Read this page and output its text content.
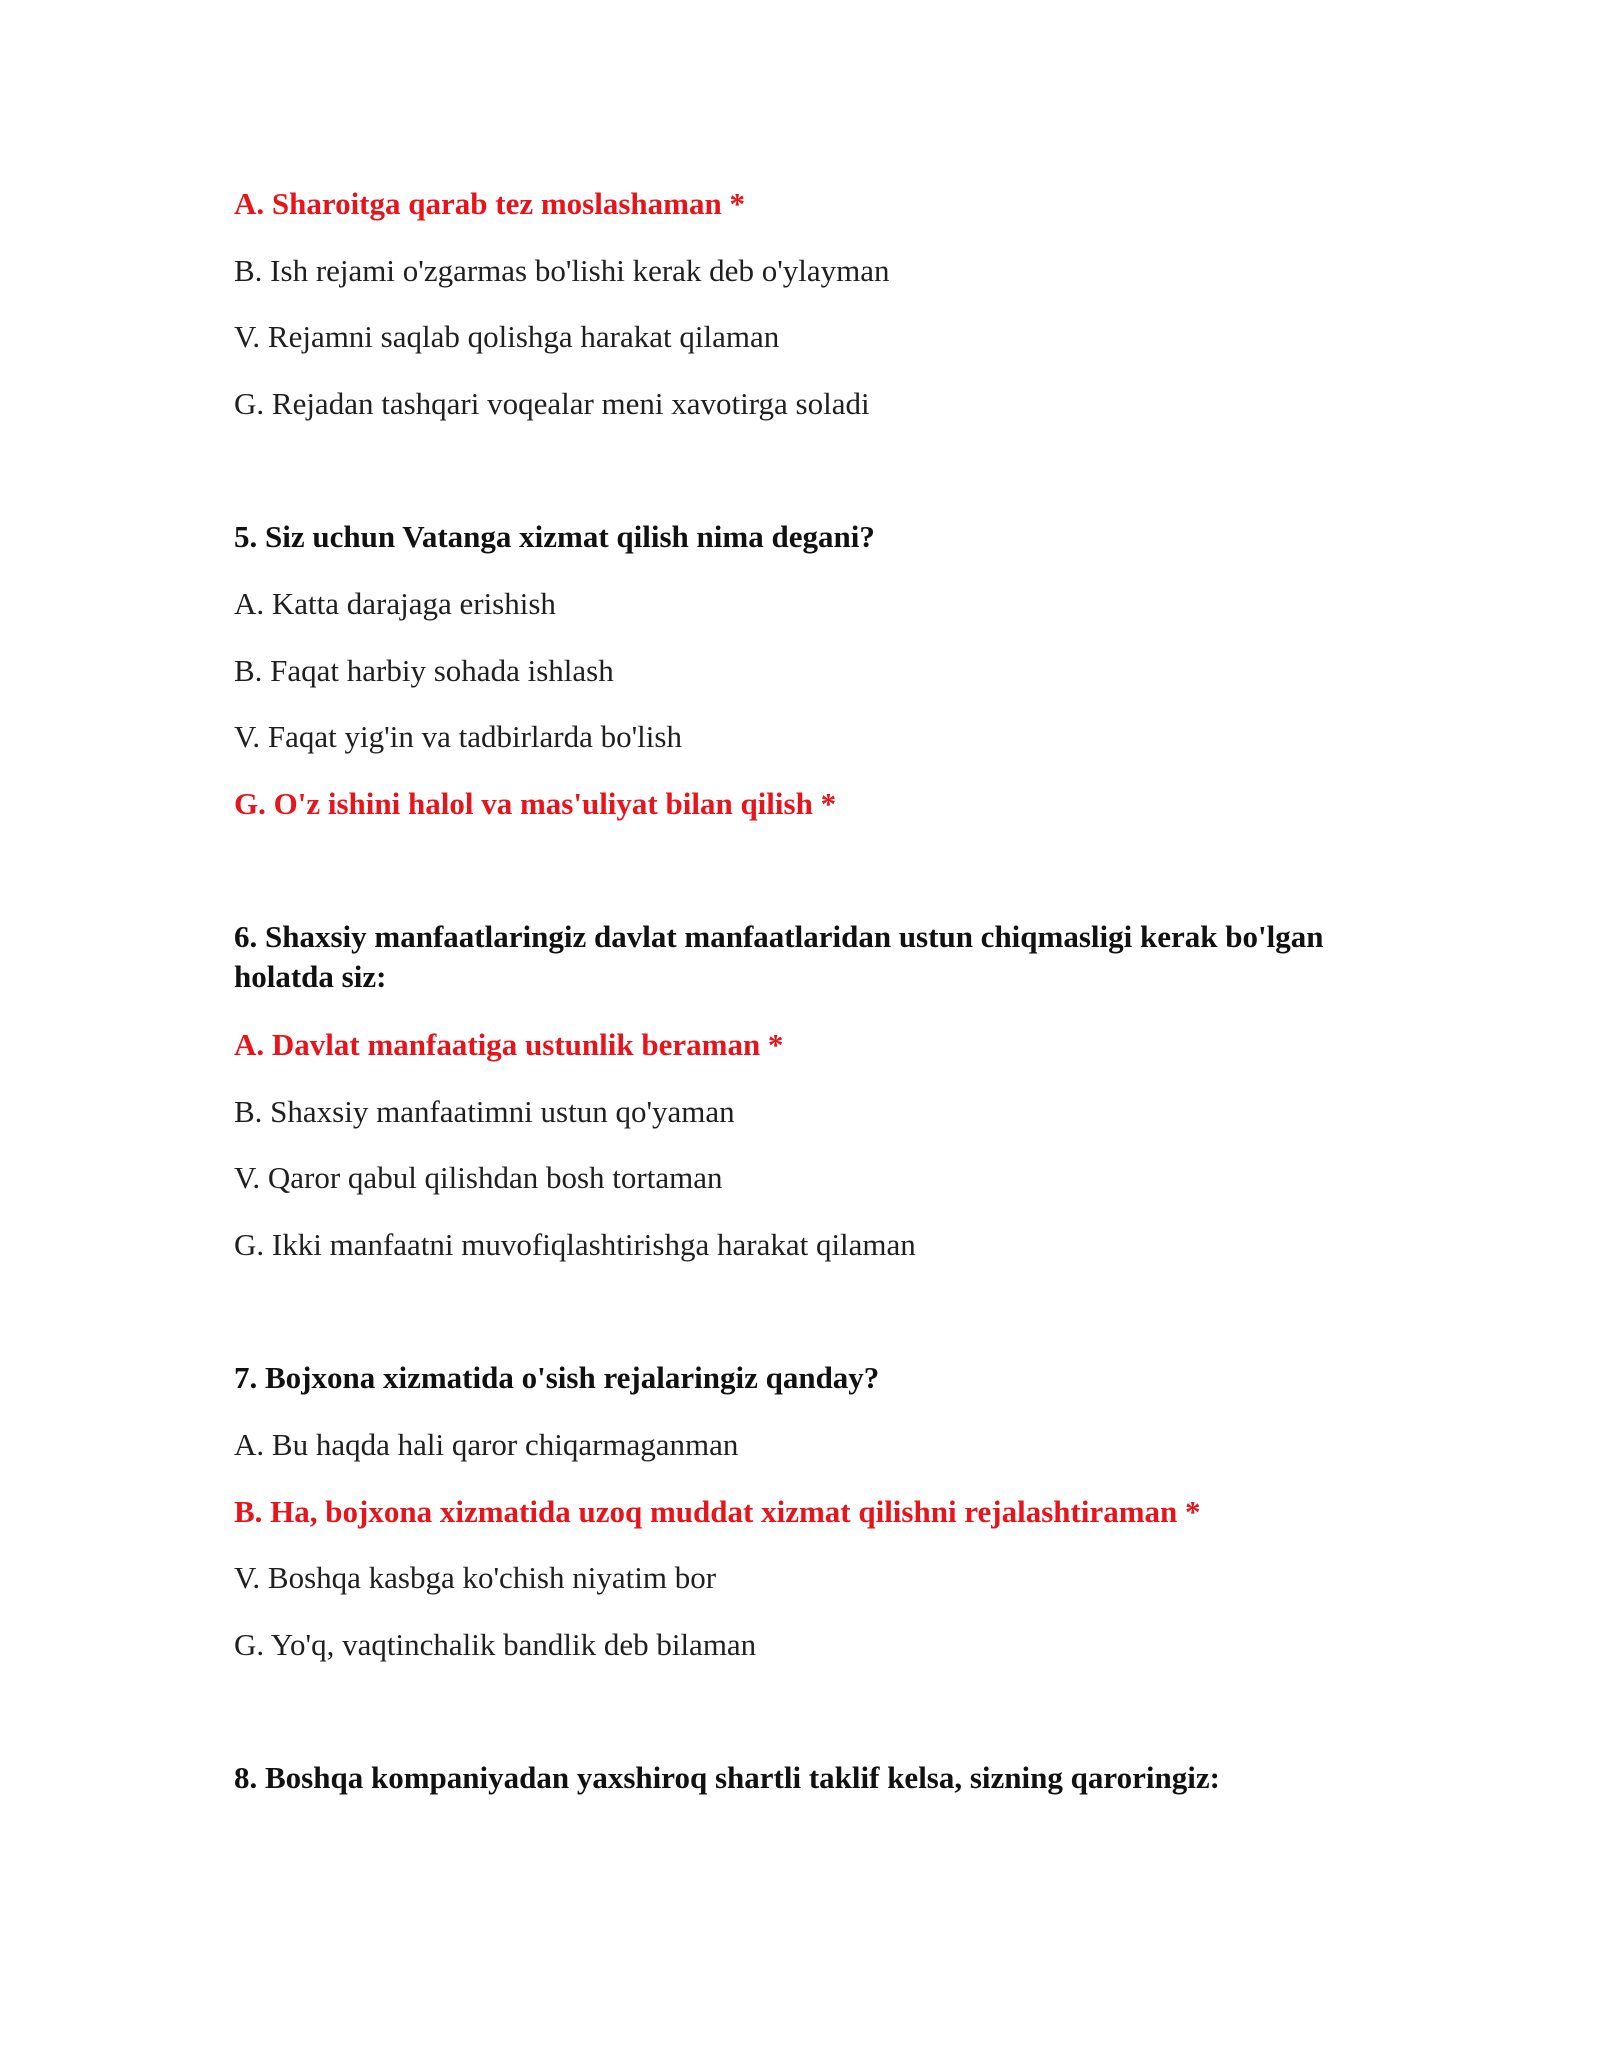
A. Sharoitga qarab tez moslashaman *
B. Ish rejami o'zgarmas bo'lishi kerak deb o'ylayman
V. Rejamni saqlab qolishga harakat qilaman
G. Rejadan tashqari voqealar meni xavotirga soladi
5. Siz uchun Vatanga xizmat qilish nima degani?
A. Katta darajaga erishish
B. Faqat harbiy sohada ishlash
V. Faqat yig'in va tadbirlarda bo'lish
G. O'z ishini halol va mas'uliyat bilan qilish *
6. Shaxsiy manfaatlaringiz davlat manfaatlaridan ustun chiqmasligi kerak bo'lgan holatda siz:
A. Davlat manfaatiga ustunlik beraman *
B. Shaxsiy manfaatimni ustun qo'yaman
V. Qaror qabul qilishdan bosh tortaman
G. Ikki manfaatni muvofiqlashtirishga harakat qilaman
7. Bojxona xizmatida o'sish rejalaringiz qanday?
A. Bu haqda hali qaror chiqarmaganman
B. Ha, bojxona xizmatida uzoq muddat xizmat qilishni rejalashtiraman *
V. Boshqa kasbga ko'chish niyatim bor
G. Yo'q, vaqtinchalik bandlik deb bilaman
8. Boshqa kompaniyadan yaxshiroq shartli taklif kelsa, sizning qaroringiz:
